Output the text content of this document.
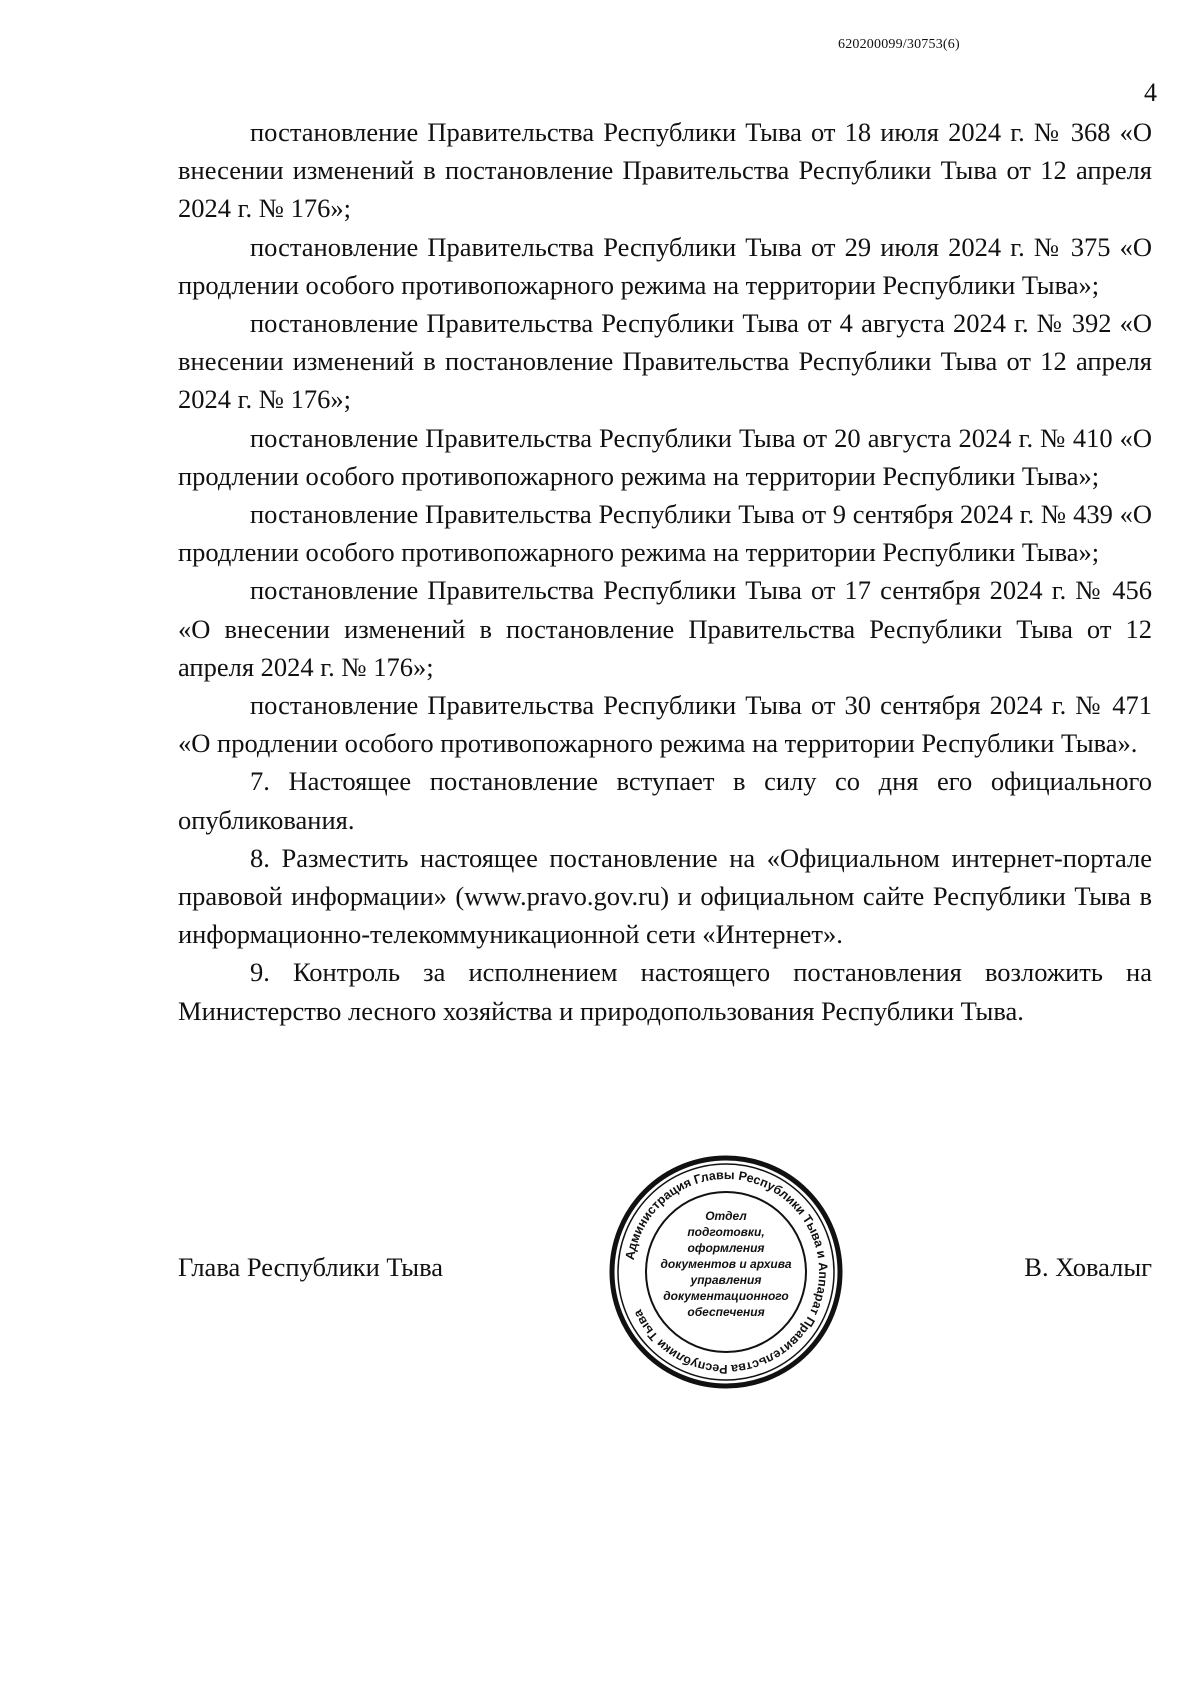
620200099/30753(6)
4

постановление Правительства Республики Тыва от 18 июля 2024 г. № 368 «О внесении изменений в постановление Правительства Республики Тыва от 12 апреля 2024 г. № 176»;

постановление Правительства Республики Тыва от 29 июля 2024 г. № 375 «О продлении особого противопожарного режима на территории Республики Тыва»;

постановление Правительства Республики Тыва от 4 августа 2024 г. № 392 «О внесении изменений в постановление Правительства Республики Тыва от 12 апреля 2024 г. № 176»;

постановление Правительства Республики Тыва от 20 августа 2024 г. № 410 «О продлении особого противопожарного режима на территории Республики Тыва»;

постановление Правительства Республики Тыва от 9 сентября 2024 г. № 439 «О продлении особого противопожарного режима на территории Республики Тыва»;

постановление Правительства Республики Тыва от 17 сентября 2024 г. № 456 «О внесении изменений в постановление Правительства Республики Тыва от 12 апреля 2024 г. № 176»;

постановление Правительства Республики Тыва от 30 сентября 2024 г. № 471 «О продлении особого противопожарного режима на территории Республики Тыва».

7. Настоящее постановление вступает в силу со дня его официального опубликования.

8. Разместить настоящее постановление на «Официальном интернет-портале правовой информации» (www.pravo.gov.ru) и официальном сайте Республики Тыва в информационно-телекоммуникационной сети «Интернет».

9. Контроль за исполнением настоящего постановления возложить на Министерство лесного хозяйства и природопользования Республики Тыва.

Глава Республики Тыва	В. Ховалыг
Администрация Главы Республики Тыва и Аппарат Правительства Республики Тыва
Отдел
подготовки,
оформления
документов и архива
управления
документационного
обеспечения
